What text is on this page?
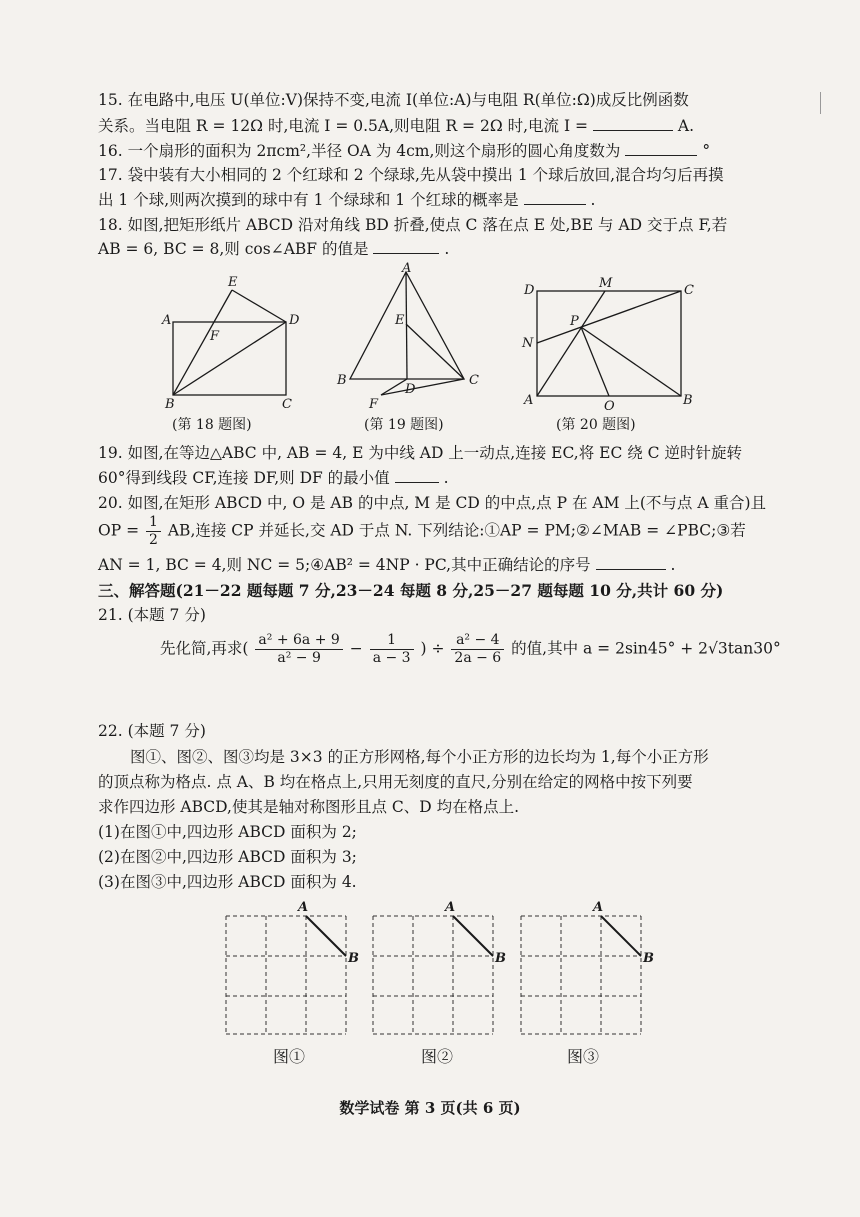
15. 在电路中,电压 U(单位:V)保持不变,电流 I(单位:A)与电阻 R(单位:Ω)成反比例函数
关系。当电阻 R = 12Ω 时,电流 I = 0.5A,则电阻 R = 2Ω 时,电流 I =	A.
16. 一个扇形的面积为 2πcm²,半径 OA 为 4cm,则这个扇形的圆心角度数为	°
17. 袋中装有大小相同的 2 个红球和 2 个绿球,先从袋中摸出 1 个球后放回,混合均匀后再摸
出 1 个球,则两次摸到的球中有 1 个绿球和 1 个红球的概率是	.
18. 如图,把矩形纸片 ABCD 沿对角线 BD 折叠,使点 C 落在点 E 处,BE 与 AD 交于点 F,若
AB = 6, BC = 8,则 cos∠ABF 的值是	.
A
B	C
D
E
F
(第 18 题图)
A
B	C
D
E
F
(第 19 题图)
D	M	C
N
P
A	O	B
(第 20 题图)
19. 如图,在等边△ABC 中, AB = 4, E 为中线 AD 上一动点,连接 EC,将 EC 绕 C 逆时针旋转
60°得到线段 CF,连接 DF,则 DF 的最小值	.
20. 如图,在矩形 ABCD 中, O 是 AB 的中点, M 是 CD 的中点,点 P 在 AM 上(不与点 A 重合)且
OP = $\frac{1}{2}$ AB,连接 CP 并延长,交 AD 于点 N. 下列结论:①AP = PM;②∠MAB = ∠PBC;③若
AN = 1, BC = 4,则 NC = 5;④AB² = 4NP · PC,其中正确结论的序号	.
三、解答题(21－22 题每题 7 分,23－24 每题 8 分,25－27 题每题 10 分,共计 60 分)
21. (本题 7 分)
先化简,再求( $\frac{\text{a² + 6a + 9}}{\text{a² − 9}} - \frac{1}{a - 3}$ ) ÷ $\frac{\text{a² − 4}}{2a - 6}$ 的值,其中 a = 2sin45° + 2√3tan30°
22. (本题 7 分)
图①、图②、图③均是 3×3 的正方形网格,每个小正方形的边长均为 1,每个小正方形
的顶点称为格点. 点 A、B 均在格点上,只用无刻度的直尺,分别在给定的网格中按下列要
求作四边形 ABCD,使其是轴对称图形且点 C、D 均在格点上.
(1)在图①中,四边形 ABCD 面积为 2;
(2)在图②中,四边形 ABCD 面积为 3;
(3)在图③中,四边形 ABCD 面积为 4.
A
B
图①
A
B
图②
A
B
图③
数学试卷 第 3 页(共 6 页)
